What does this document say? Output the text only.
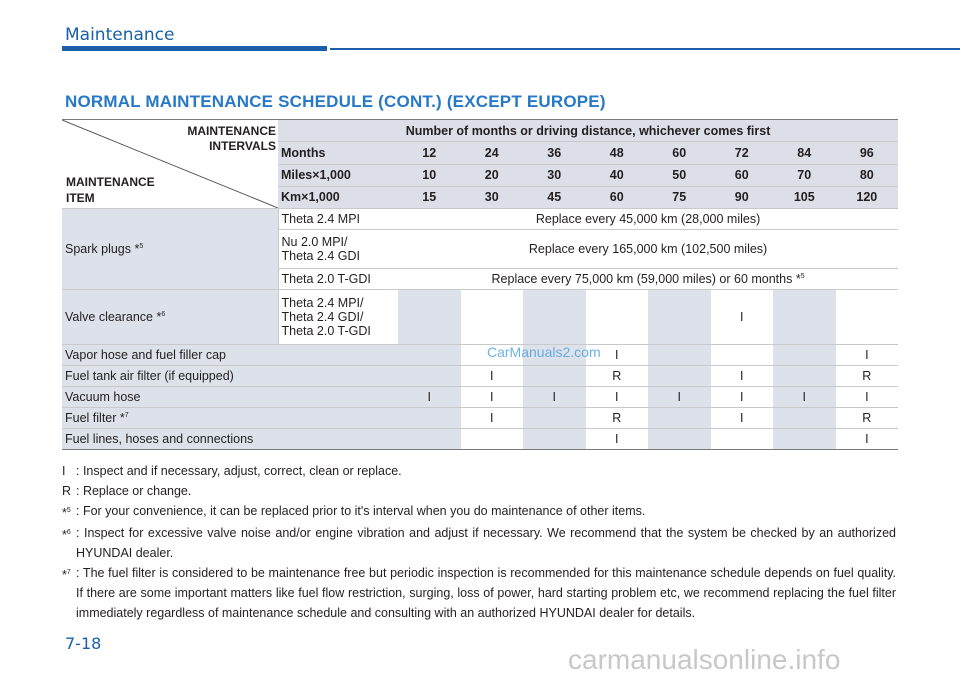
Maintenance
NORMAL MAINTENANCE SCHEDULE (CONT.) (EXCEPT EUROPE)
MAINTENANCE
INTERVALS
MAINTENANCE
ITEM	Number of months or driving distance, whichever comes first								
	Months	12	24	36	48	60	72	84	96
	Miles×1,000	10	20	30	40	50	60	70	80
	Km×1,000	15	30	45	60	75	90	105	120
Spark plugs *$^5$	Theta 2.4 MPI	Replace every 45,000 km (28,000 miles)							
	Nu 2.0 MPI/
Theta 2.4 GDI	Replace every 165,000 km (102,500 miles)							
	Theta 2.0 T-GDI	Replace every 75,000 km (59,000 miles) or 60 months *$^5$
Valve clearance *$^6$	Theta 2.4 MPI/
Theta 2.4 GDI/
Theta 2.0 T-GDI						I		
Vapor hose and fuel filler cap					I				I
Fuel tank air filter (if equipped)			I		R		I		R
Vacuum hose		I	I	I	I	I	I	I	I
Fuel filter *$^7$			I		R		I		R
Fuel lines, hoses and connections					I				I
CarManuals2.com
I : Inspect and if necessary, adjust, correct, clean or replace.
R : Replace or change.
*$^5$ : For your convenience, it can be replaced prior to it's interval when you do maintenance of other items.
*$^6$ : Inspect for excessive valve noise and/or engine vibration and adjust if necessary. We recommend that the system be checked by an authorized HYUNDAI dealer.
*$^7$ : The fuel filter is considered to be maintenance free but periodic inspection is recommended for this maintenance schedule depends on fuel quality. If there are some important matters like fuel flow restriction, surging, loss of power, hard starting problem etc, we recommend replacing the fuel filter immediately regardless of maintenance schedule and consulting with an authorized HYUNDAI dealer for details.
7-18
carmanualsonline.info
